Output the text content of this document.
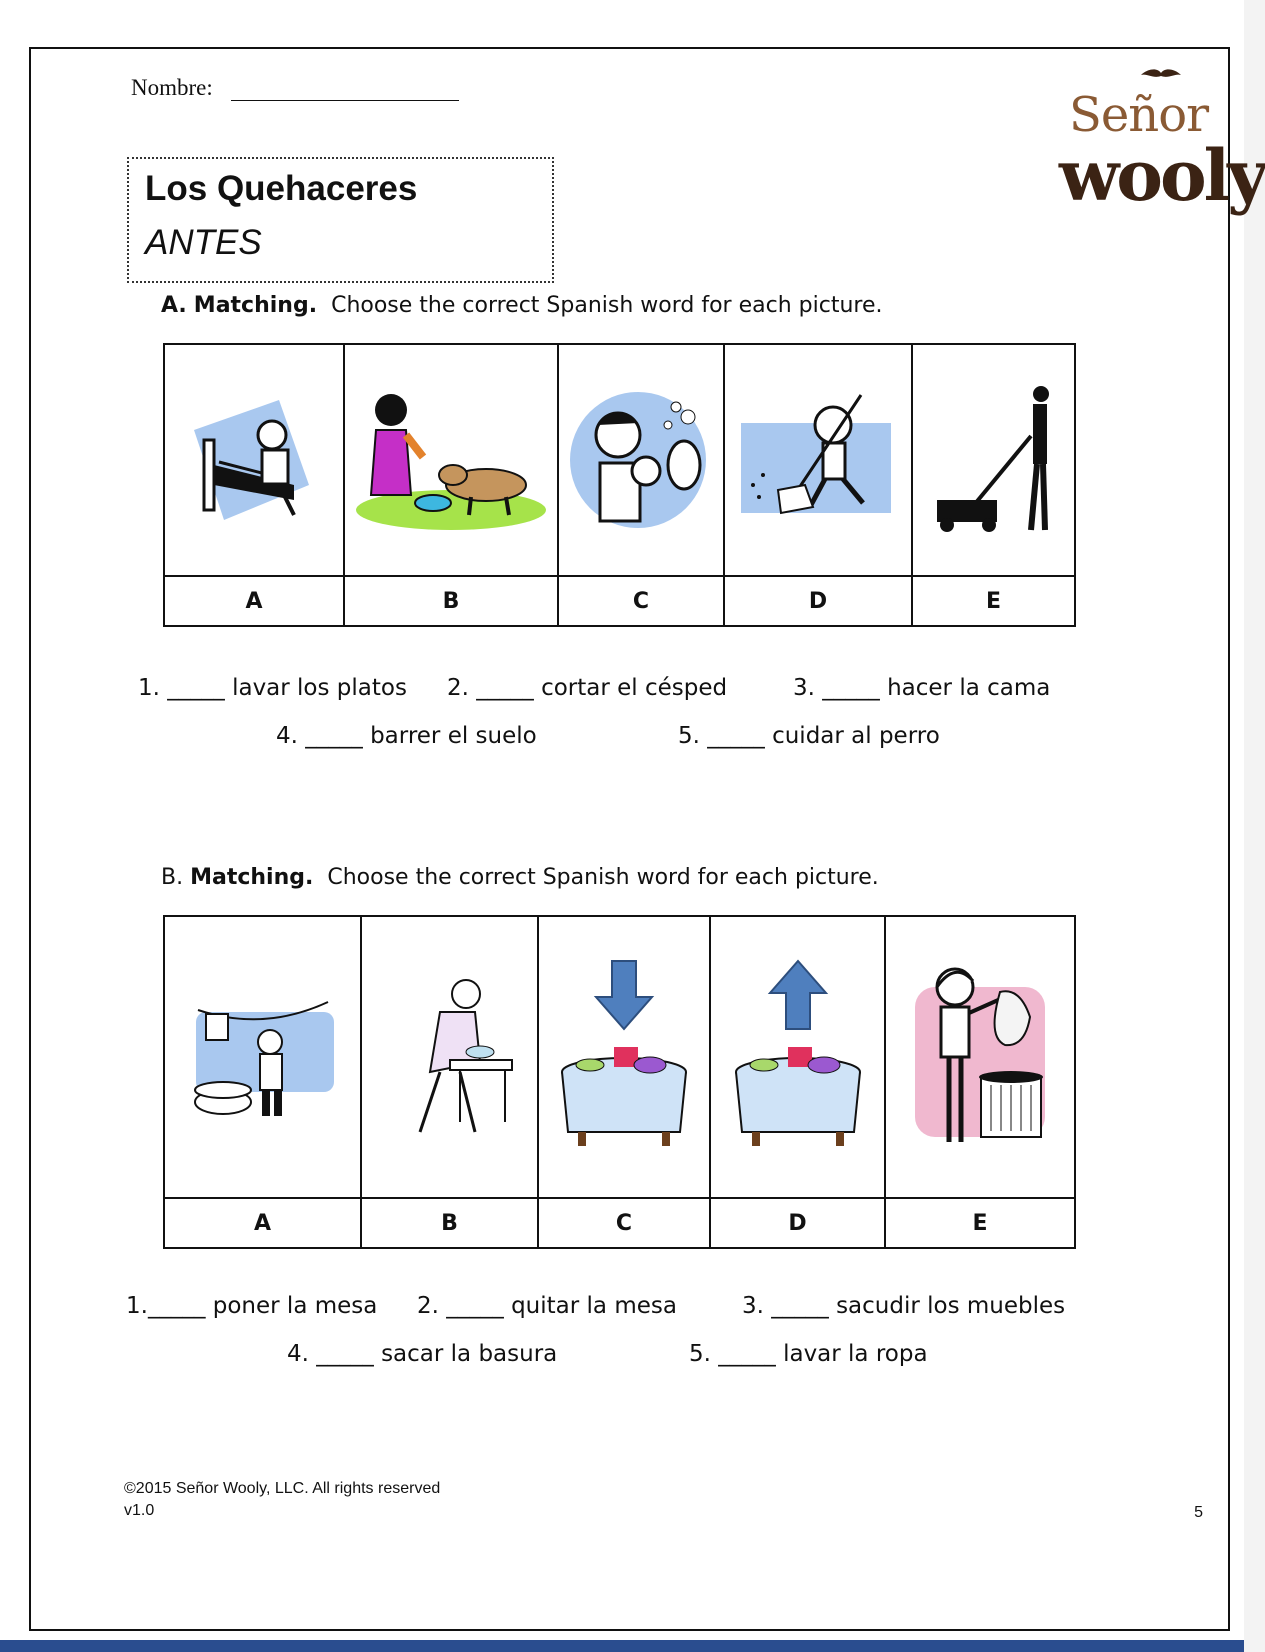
Nombre:	Señor
wooly
Los Quehaceres
ANTES
A. Matching. Choose the correct Spanish word for each picture.

A	B	C	D	E
1. _____ lavar los platos 2. _____ cortar el césped	3. _____ hacer la cama
4. _____ barrer el suelo	5. _____ cuidar al perro
B. Matching. Choose the correct Spanish word for each picture.

A	B	C	D	E
1._____ poner la mesa 2. _____ quitar la mesa	3. _____ sacudir los muebles
4. _____ sacar la basura	5. _____ lavar la ropa
©2015 Señor Wooly, LLC. All rights reserved
v1.0	5
